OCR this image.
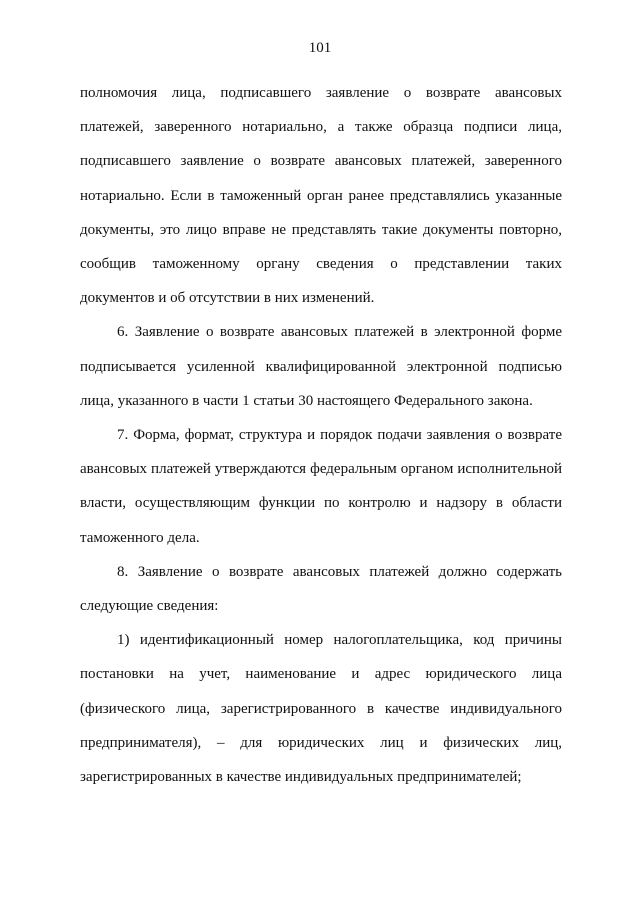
101

полномочия лица, подписавшего заявление о возврате авансовых платежей, заверенного нотариально, а также образца подписи лица, подписавшего заявление о возврате авансовых платежей, заверенного нотариально. Если в таможенный орган ранее представлялись указанные документы, это лицо вправе не представлять такие документы повторно, сообщив таможенному органу сведения о представлении таких документов и об отсутствии в них изменений.

6. Заявление о возврате авансовых платежей в электронной форме подписывается усиленной квалифицированной электронной подписью лица, указанного в части 1 статьи 30 настоящего Федерального закона.

7. Форма, формат, структура и порядок подачи заявления о возврате авансовых платежей утверждаются федеральным органом исполнительной власти, осуществляющим функции по контролю и надзору в области таможенного дела.

8. Заявление о возврате авансовых платежей должно содержать следующие сведения:

1) идентификационный номер налогоплательщика, код причины постановки на учет, наименование и адрес юридического лица (физического лица, зарегистрированного в качестве индивидуального предпринимателя), – для юридических лиц и физических лиц, зарегистрированных в качестве индивидуальных предпринимателей;
